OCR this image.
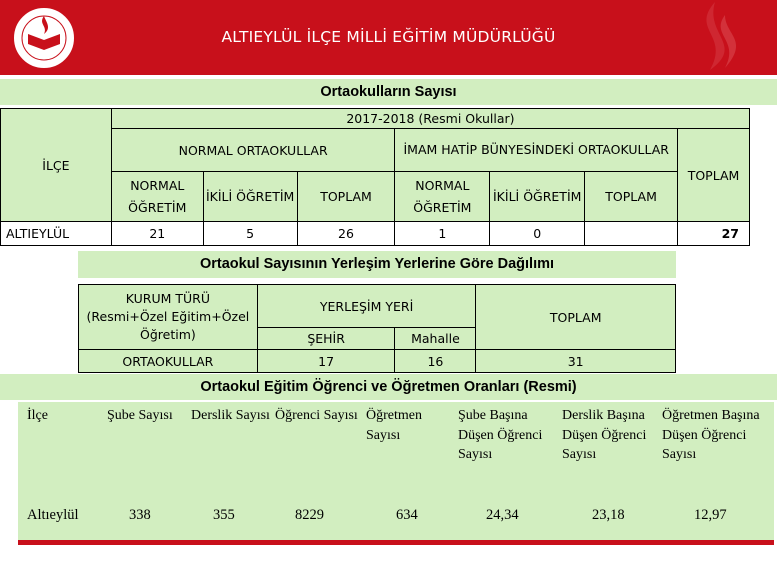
ALTIEYLÜL İLÇE MİLLİ EĞİTİM MÜDÜRLÜĞÜ
Ortaokulların Sayısı
İLÇE	2017-2018 (Resmi Okullar)						
	NORMAL ORTAOKULLAR			İMAM HATİP BÜNYESİNDEKİ ORTAOKULLAR			TOPLAM
	NORMAL ÖĞRETİM	İKİLİ ÖĞRETİM	TOPLAM	NORMAL ÖĞRETİM	İKİLİ ÖĞRETİM	TOPLAM	
ALTIEYLÜL	21	5	26	1	0		27
Ortaokul Sayısının Yerleşim Yerlerine Göre Dağılımı
KURUM TÜRÜ (Resmi+Özel Eğitim+Özel Öğretim)	YERLEŞİM YERİ		TOPLAM
	ŞEHİR	Mahalle	
ORTAOKULLAR	17	16	31
Ortaokul Eğitim Öğrenci ve Öğretmen Oranları (Resmi)
İlçe	Şube Sayısı	Derslik Sayısı	Öğrenci Sayısı	Öğretmen Sayısı	Şube Başına Düşen Öğrenci Sayısı	Derslik Başına Düşen Öğrenci Sayısı	Öğretmen Başına Düşen Öğrenci Sayısı
Altıeylül	338	355	8229	634	24,34	23,18	12,97
